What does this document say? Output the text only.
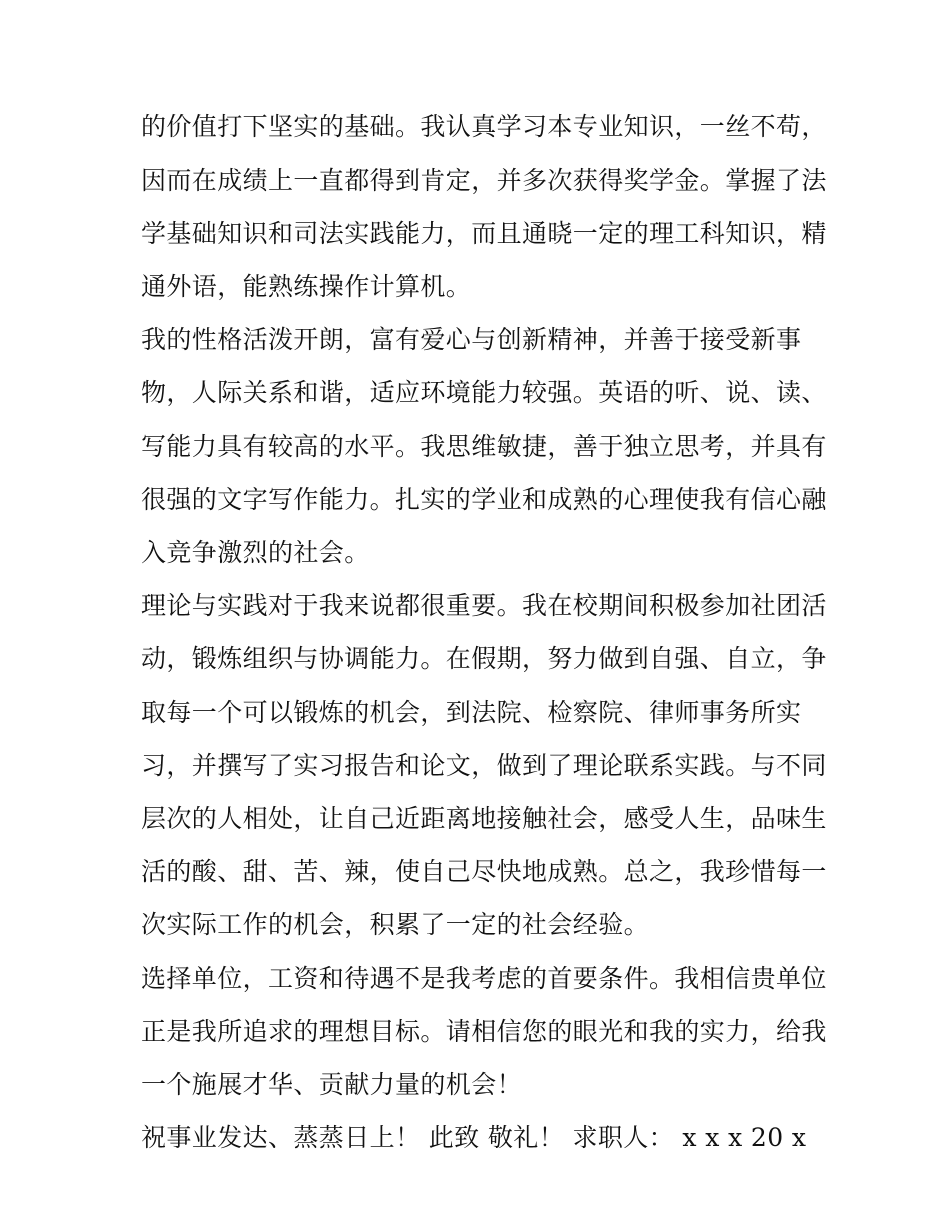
的价值打下坚实的基础。我认真学习本专业知识，一丝不苟，
因而在成绩上一直都得到肯定，并多次获得奖学金。掌握了法
学基础知识和司法实践能力，而且通晓一定的理工科知识，精
通外语，能熟练操作计算机。
我的性格活泼开朗，富有爱心与创新精神，并善于接受新事
物，人际关系和谐，适应环境能力较强。英语的听、说、读、
写能力具有较高的水平。我思维敏捷，善于独立思考，并具有
很强的文字写作能力。扎实的学业和成熟的心理使我有信心融
入竞争激烈的社会。
理论与实践对于我来说都很重要。我在校期间积极参加社团活
动，锻炼组织与协调能力。在假期，努力做到自强、自立，争
取每一个可以锻炼的机会，到法院、检察院、律师事务所实
习，并撰写了实习报告和论文，做到了理论联系实践。与不同
层次的人相处，让自己近距离地接触社会，感受人生，品味生
活的酸、甜、苦、辣，使自己尽快地成熟。总之，我珍惜每一
次实际工作的机会，积累了一定的社会经验。
选择单位，工资和待遇不是我考虑的首要条件。我相信贵单位
正是我所追求的理想目标。请相信您的眼光和我的实力，给我
一个施展才华、贡献力量的机会！
祝事业发达、蒸蒸日上！ 此致 敬礼！ 求职人： x x x 20 x
